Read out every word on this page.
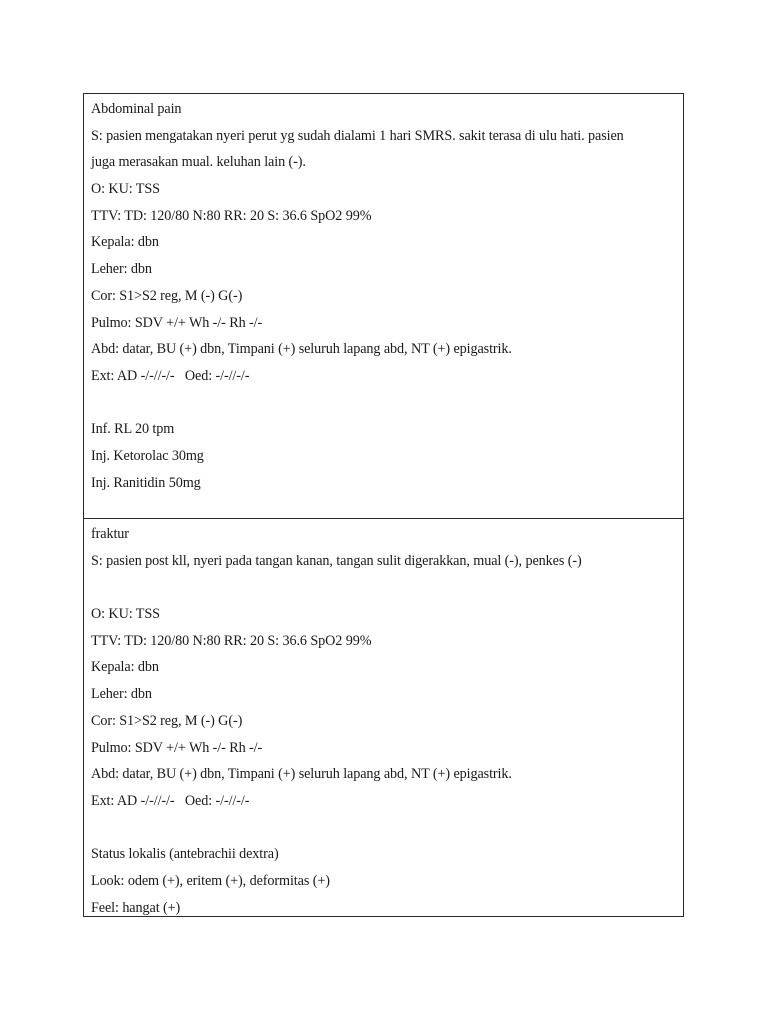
Abdominal pain
S: pasien mengatakan nyeri perut yg sudah dialami 1 hari SMRS. sakit terasa di ulu hati. pasien
juga merasakan mual. keluhan lain (-).
O: KU: TSS
TTV: TD: 120/80 N:80 RR: 20 S: 36.6 SpO2 99%
Kepala: dbn
Leher: dbn
Cor: S1>S2 reg, M (-) G(-)
Pulmo: SDV +/+ Wh -/- Rh -/-
Abd: datar, BU (+) dbn, Timpani (+) seluruh lapang abd, NT (+) epigastrik.
Ext: AD -/-//-/-   Oed: -/-//-/-
Inf. RL 20 tpm
Inj. Ketorolac 30mg
Inj. Ranitidin 50mg
fraktur
S: pasien post kll, nyeri pada tangan kanan, tangan sulit digerakkan, mual (-), penkes (-)
O: KU: TSS
TTV: TD: 120/80 N:80 RR: 20 S: 36.6 SpO2 99%
Kepala: dbn
Leher: dbn
Cor: S1>S2 reg, M (-) G(-)
Pulmo: SDV +/+ Wh -/- Rh -/-
Abd: datar, BU (+) dbn, Timpani (+) seluruh lapang abd, NT (+) epigastrik.
Ext: AD -/-//-/-   Oed: -/-//-/-
Status lokalis (antebrachii dextra)
Look: odem (+), eritem (+), deformitas (+)
Feel: hangat (+)
